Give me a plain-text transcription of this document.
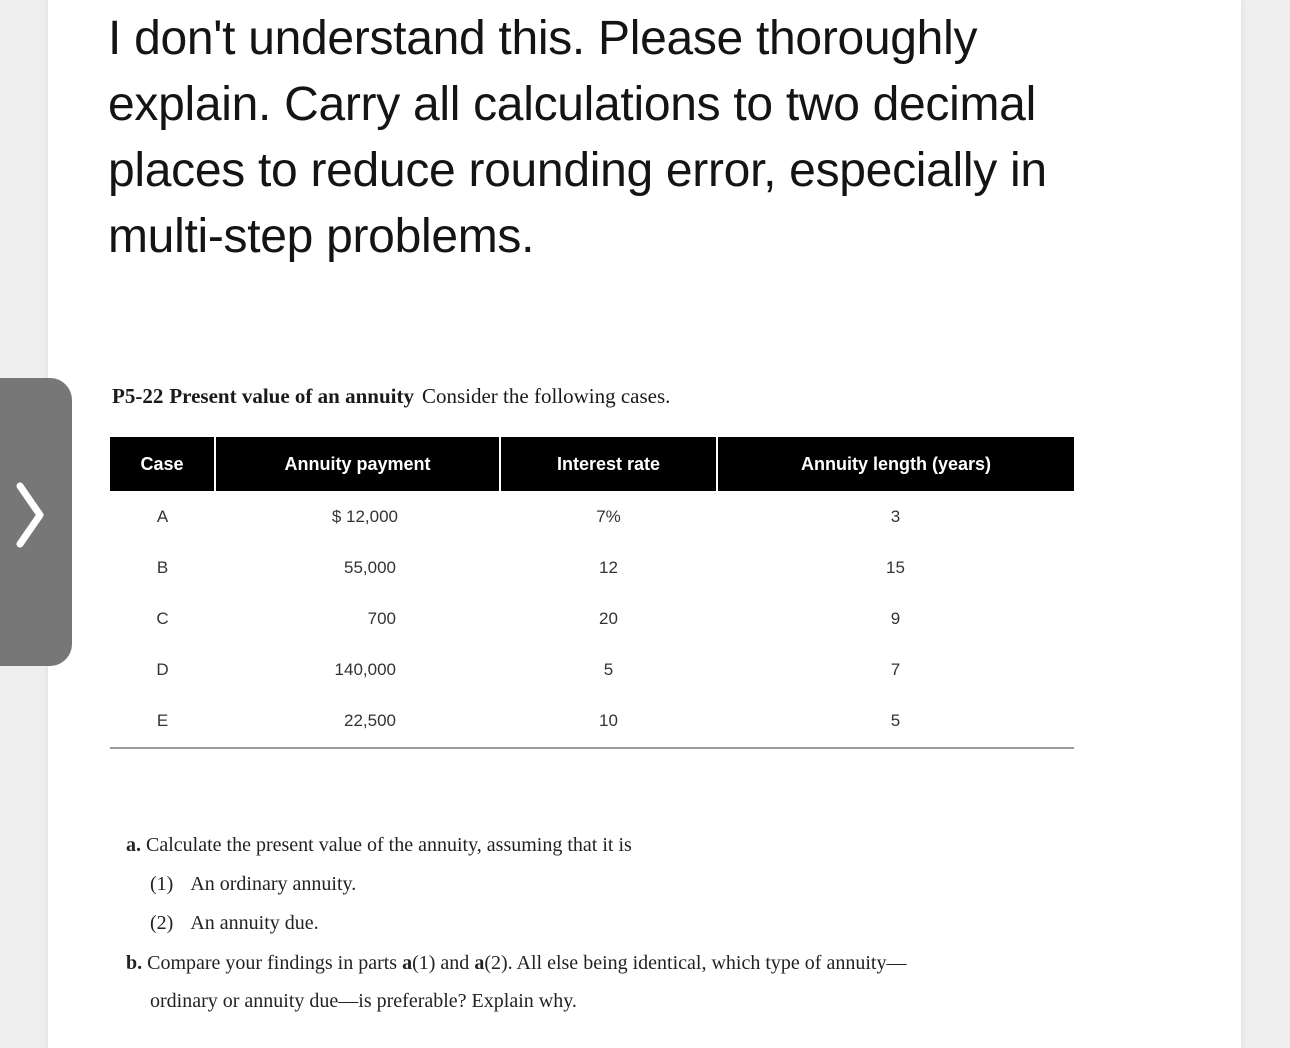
I don't understand this. Please thoroughly explain. Carry all calculations to two decimal places to reduce rounding error, especially in multi-step problems.
P5-22 Present value of an annuity Consider the following cases.
Case	Annuity payment	Interest rate	Annuity length (years)
A	$ 12,000	7%	3
B	55,000	12	15
C	700	20	9
D	140,000	5	7
E	22,500	10	5
a. Calculate the present value of the annuity, assuming that it is
(1) An ordinary annuity.
(2) An annuity due.
b. Compare your findings in parts a(1) and a(2). All else being identical, which type of annuity—
ordinary or annuity due—is preferable? Explain why.
